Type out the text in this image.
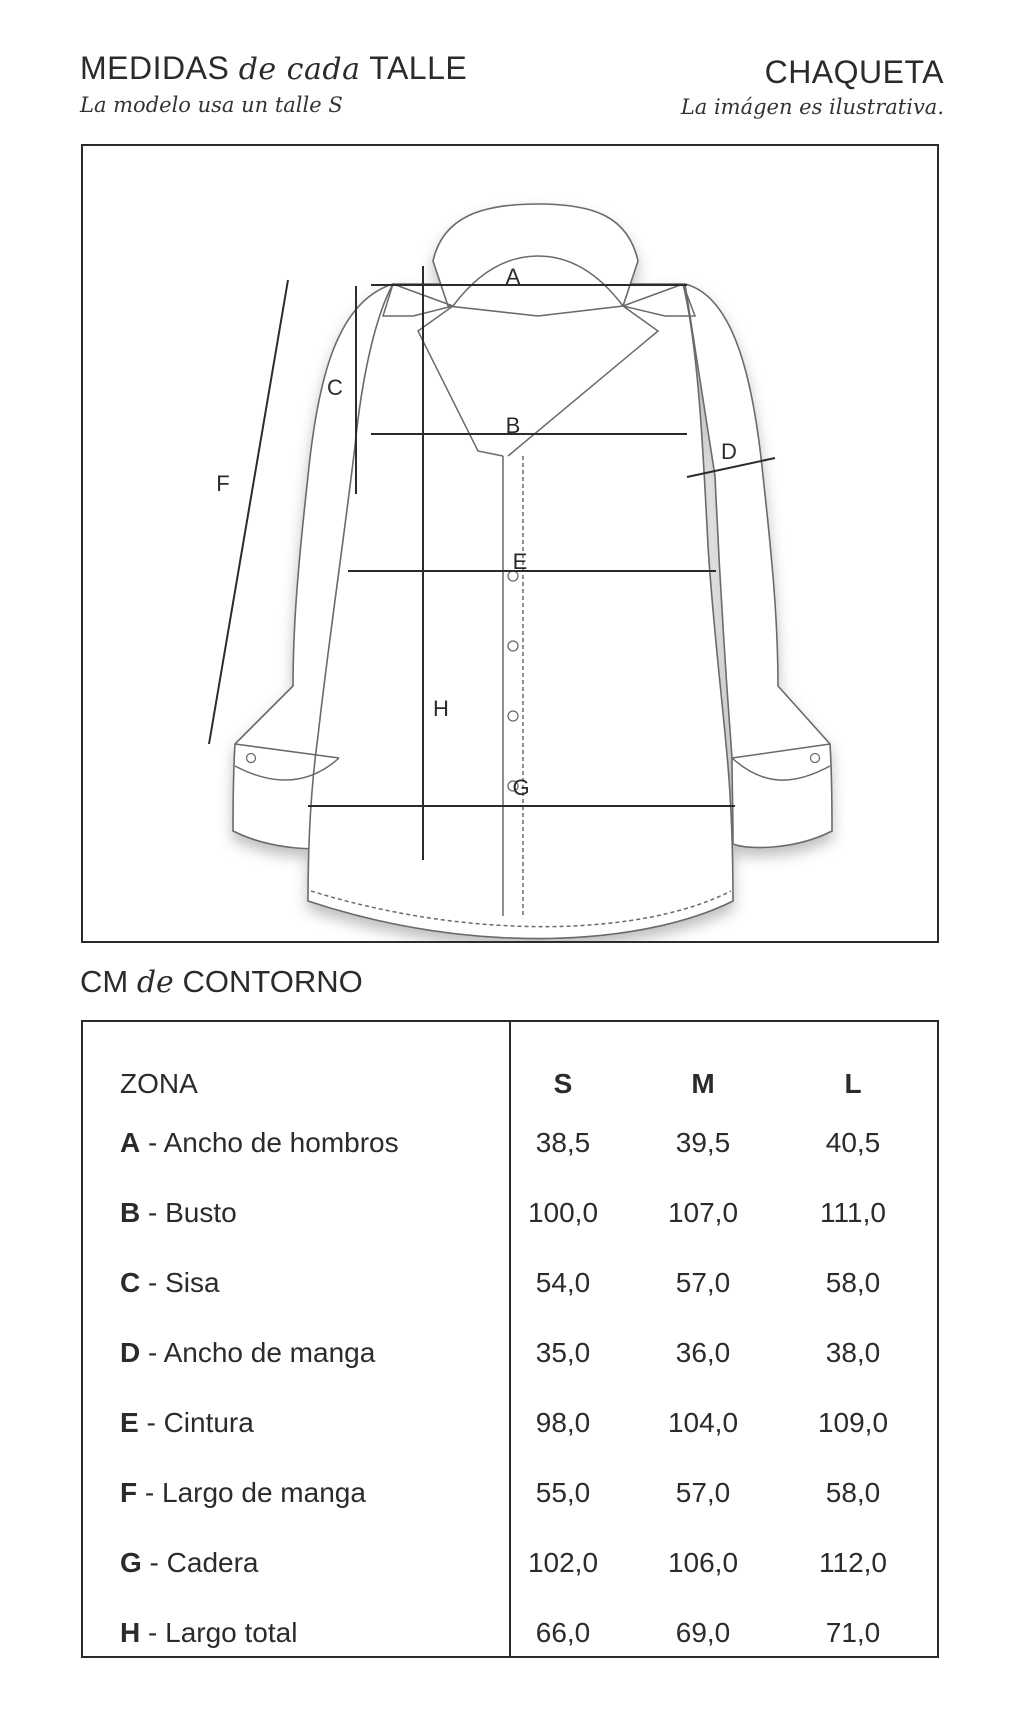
MEDIDAS de cada TALLE
La modelo usa un talle S
CHAQUETA
La imágen es ilustrativa.
A
B
C
D
E
F
G
H
CM de CONTORNO
ZONA	S	M	L
A - Ancho de hombros	38,5	39,5	40,5
B - Busto	100,0	107,0	111,0
C - Sisa	54,0	57,0	58,0
D - Ancho de manga	35,0	36,0	38,0
E - Cintura	98,0	104,0	109,0
F - Largo de manga	55,0	57,0	58,0
G - Cadera	102,0	106,0	112,0
H - Largo total	66,0	69,0	71,0
